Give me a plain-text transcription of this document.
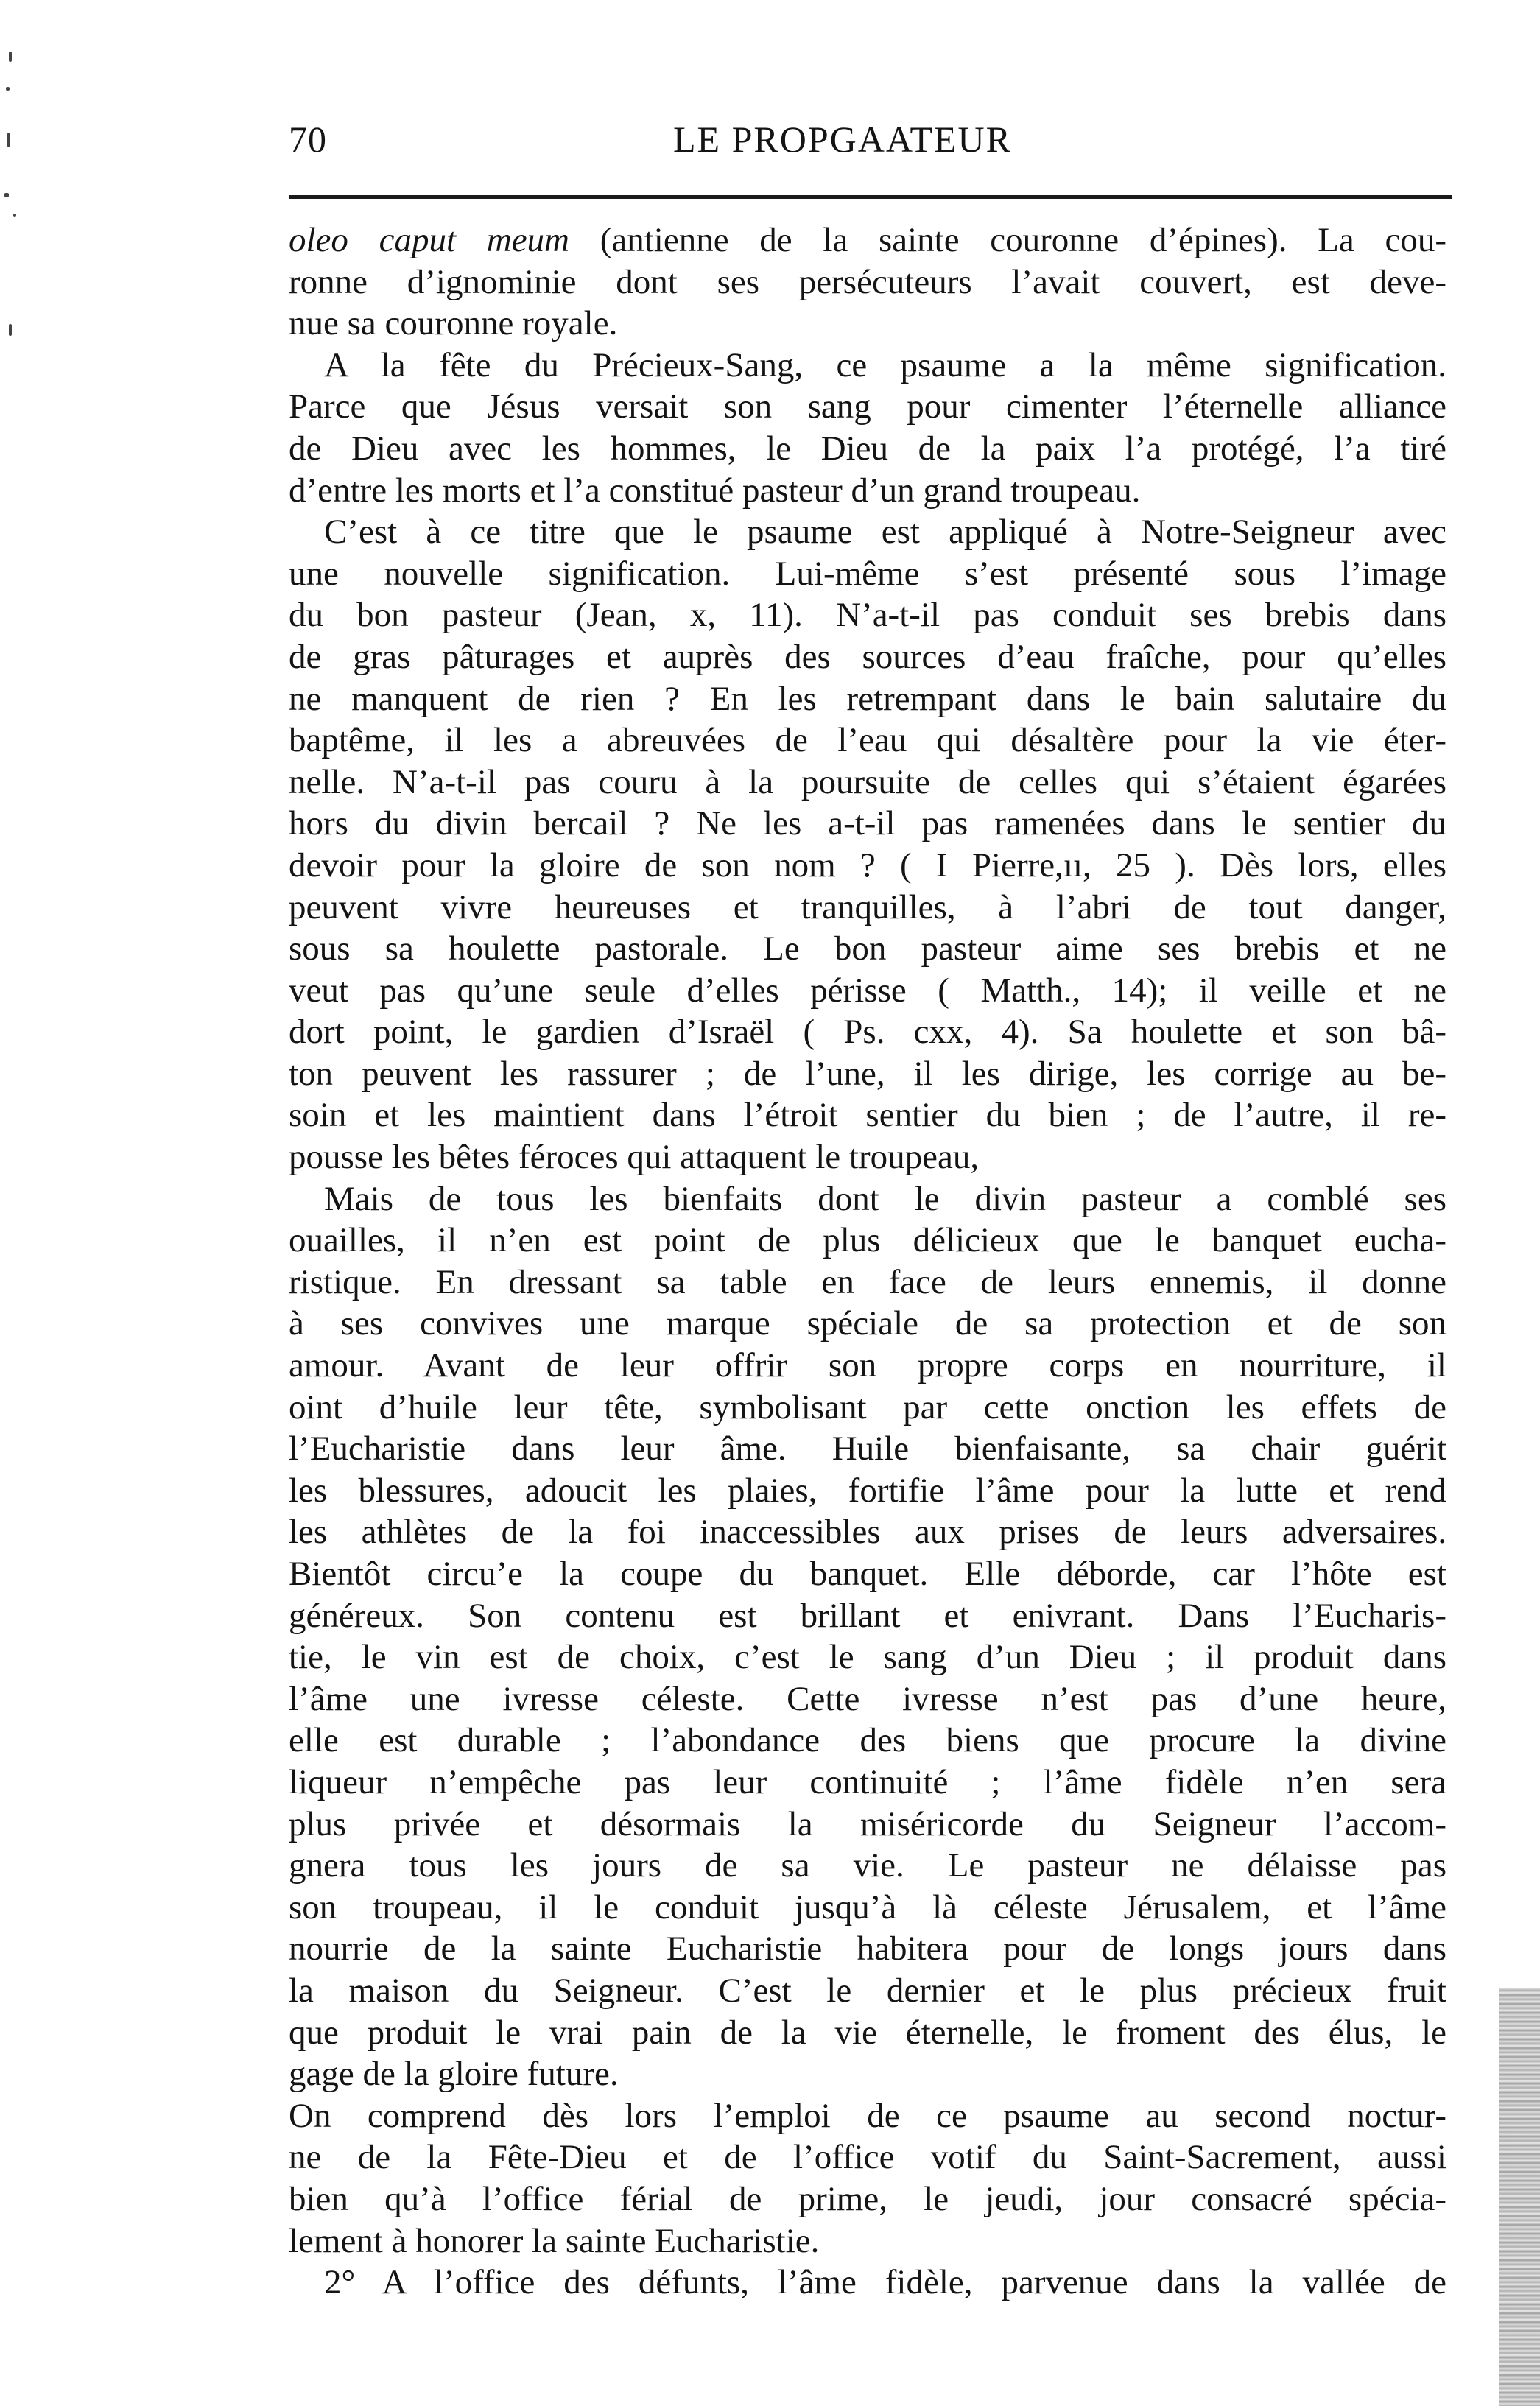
70	LE PROPGAATEUR
oleo caput meum (antienne de la sainte couronne d’épines). La cou-
ronne d’ignominie dont ses persécuteurs l’avait couvert, est deve-
nue sa couronne royale.
A la fête du Précieux-Sang, ce psaume a la même signification.
Parce que Jésus versait son sang pour cimenter l’éternelle alliance
de Dieu avec les hommes, le Dieu de la paix l’a protégé, l’a tiré
d’entre les morts et l’a constitué pasteur d’un grand troupeau.
C’est à ce titre que le psaume est appliqué à Notre-Seigneur avec
une nouvelle signification. Lui-même s’est présenté sous l’image
du bon pasteur (Jean, x, 11). N’a-t-il pas conduit ses brebis dans
de gras pâturages et auprès des sources d’eau fraîche, pour qu’elles
ne manquent de rien ? En les retrempant dans le bain salutaire du
baptême, il les a abreuvées de l’eau qui désaltère pour la vie éter-
nelle. N’a-t-il pas couru à la poursuite de celles qui s’étaient égarées
hors du divin bercail ? Ne les a-t-il pas ramenées dans le sentier du
devoir pour la gloire de son nom ? ( I Pierre,ıı, 25 ). Dès lors, elles
peuvent vivre heureuses et tranquilles, à l’abri de tout danger,
sous sa houlette pastorale. Le bon pasteur aime ses brebis et ne
veut pas qu’une seule d’elles périsse ( Matth., 14); il veille et ne
dort point, le gardien d’Israël ( Ps. cxx, 4). Sa houlette et son bâ-
ton peuvent les rassurer ; de l’une, il les dirige, les corrige au be-
soin et les maintient dans l’étroit sentier du bien ; de l’autre, il re-
pousse les bêtes féroces qui attaquent le troupeau,
Mais de tous les bienfaits dont le divin pasteur a comblé ses
ouailles, il n’en est point de plus délicieux que le banquet eucha-
ristique. En dressant sa table en face de leurs ennemis, il donne
à ses convives une marque spéciale de sa protection et de son
amour. Avant de leur offrir son propre corps en nourriture, il
oint d’huile leur tête, symbolisant par cette onction les effets de
l’Eucharistie dans leur âme. Huile bienfaisante, sa chair guérit
les blessures, adoucit les plaies, fortifie l’âme pour la lutte et rend
les athlètes de la foi inaccessibles aux prises de leurs adversaires.
Bientôt circu’e la coupe du banquet. Elle déborde, car l’hôte est
généreux. Son contenu est brillant et enivrant. Dans l’Eucharis-
tie, le vin est de choix, c’est le sang d’un Dieu ; il produit dans
l’âme une ivresse céleste. Cette ivresse n’est pas d’une heure,
elle est durable ; l’abondance des biens que procure la divine
liqueur n’empêche pas leur continuité ; l’âme fidèle n’en sera
plus privée et désormais la miséricorde du Seigneur l’accom-
gnera tous les jours de sa vie. Le pasteur ne délaisse pas
son troupeau, il le conduit jusqu’à là céleste Jérusalem, et l’âme
nourrie de la sainte Eucharistie habitera pour de longs jours dans
la maison du Seigneur. C’est le dernier et le plus précieux fruit
que produit le vrai pain de la vie éternelle, le froment des élus, le
gage de la gloire future.
On comprend dès lors l’emploi de ce psaume au second noctur-
ne de la Fête-Dieu et de l’office votif du Saint-Sacrement, aussi
bien qu’à l’office férial de prime, le jeudi, jour consacré spécia-
lement à honorer la sainte Eucharistie.
2° A l’office des défunts, l’âme fidèle, parvenue dans la vallée de
